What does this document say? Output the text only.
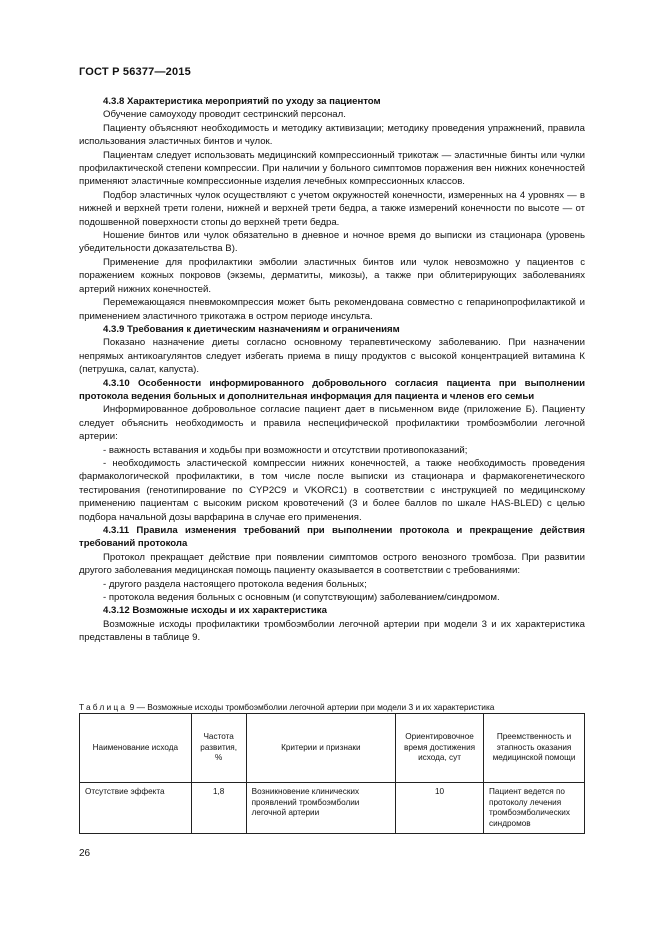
ГОСТ Р 56377—2015

4.3.8 Характеристика мероприятий по уходу за пациентом

Обучение самоуходу проводит сестринский персонал.

Пациенту объясняют необходимость и методику активизации; методику проведения упражнений, правила использования эластичных бинтов и чулок.

Пациентам следует использовать медицинский компрессионный трикотаж — эластичные бинты или чулки профилактической степени компрессии. При наличии у больного симптомов поражения вен нижних конечностей применяют эластичные компрессионные изделия лечебных компрессионных классов.

Подбор эластичных чулок осуществляют с учетом окружностей конечности, измеренных на 4 уровнях — в нижней и верхней трети голени, нижней и верхней трети бедра, а также измерений конечности по высоте — от подошвенной поверхности стопы до верхней трети бедра.

Ношение бинтов или чулок обязательно в дневное и ночное время до выписки из стационара (уровень убедительности доказательства В).

Применение для профилактики эмболии эластичных бинтов или чулок невозможно у пациентов с поражением кожных покровов (экземы, дерматиты, микозы), а также при облитерирующих заболеваниях артерий нижних конечностей.

Перемежающаяся пневмокомпрессия может быть рекомендована совместно с гепаринопрофилактикой и применением эластичного трикотажа в остром периоде инсульта.

4.3.9 Требования к диетическим назначениям и ограничениям

Показано назначение диеты согласно основному терапевтическому заболеванию. При назначении непрямых антикоагулянтов следует избегать приема в пищу продуктов с высокой концентрацией витамина К (петрушка, салат, капуста).

4.3.10 Особенности информированного добровольного согласия пациента при выполнении протокола ведения больных и дополнительная информация для пациента и членов его семьи

Информированное добровольное согласие пациент дает в письменном виде (приложение Б). Пациенту следует объяснить необходимость и правила неспецифической профилактики тромбоэмболии легочной артерии:

- важность вставания и ходьбы при возможности и отсутствии противопоказаний;

- необходимость эластической компрессии нижних конечностей, а также необходимость проведения фармакологической профилактики, в том числе после выписки из стационара и фармакогенетического тестирования (генотипирование по CYP2C9 и VKORC1) в соответствии с инструкцией по медицинскому применению пациентам с высоким риском кровотечений (3 и более баллов по шкале HAS-BLED) с целью подбора начальной дозы варфарина в случае его применения.

4.3.11 Правила изменения требований при выполнении протокола и прекращение действия требований протокола

Протокол прекращает действие при появлении симптомов острого венозного тромбоза. При развитии другого заболевания медицинская помощь пациенту оказывается в соответствии с требованиями:

- другого раздела настоящего протокола ведения больных;

- протокола ведения больных с основным (и сопутствующим) заболеванием/синдромом.

4.3.12 Возможные исходы и их характеристика

Возможные исходы профилактики тромбоэмболии легочной артерии при модели 3 и их характеристика представлены в таблице 9.

Таблица 9 — Возможные исходы тромбоэмболии легочной артерии при модели 3 и их характеристика
Наименование исхода	Частота развития, %	Критерии и признаки	Ориентировочное время достижения исхода, сут	Преемственность и этапность оказания медицинской помощи
Отсутствие эффекта	1,8	Возникновение клинических проявлений тромбоэмболии легочной артерии	10	Пациент ведется по протоколу лечения тромбоэмболических синдромов
26
